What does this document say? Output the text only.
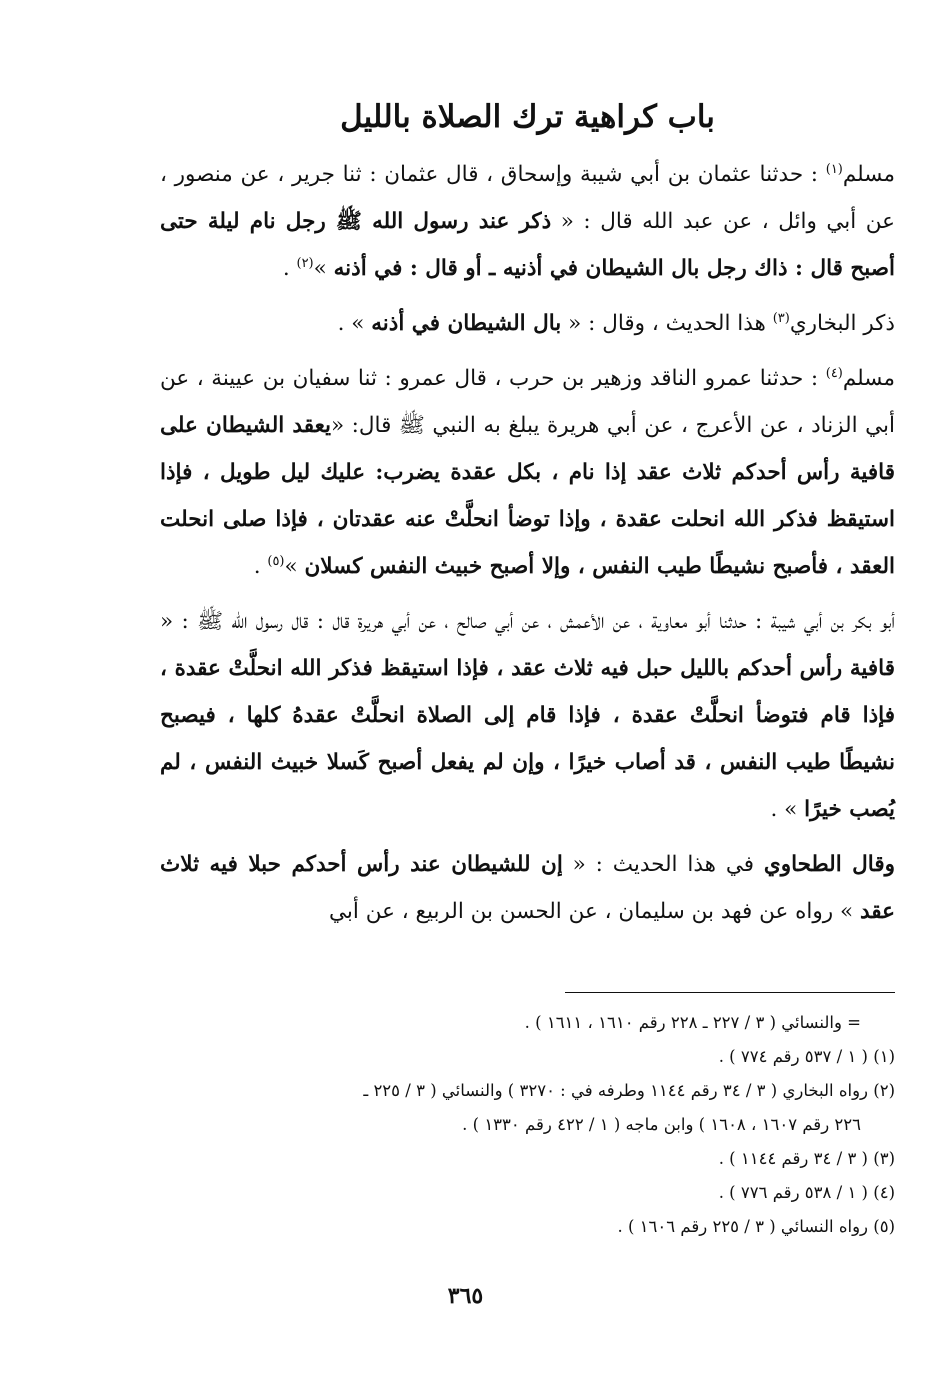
باب كراهية ترك الصلاة بالليل

مسلم$^{(١)}$ : حدثنا عثمان بن أبي شيبة وإسحاق ، قال عثمان : ثنا جرير ، عن منصور ، عن أبي وائل ، عن عبد الله قال : « ذكر عند رسول الله ﷺ رجل نام ليلة حتى أصبح قال : ذاك رجل بال الشيطان في أذنيه ـ أو قال : في أذنه »$^{(٢)}$ .

ذكر البخاري$^{(٣)}$ هذا الحديث ، وقال : « بال الشيطان في أذنه » .

مسلم$^{(٤)}$ : حدثنا عمرو الناقد وزهير بن حرب ، قال عمرو : ثنا سفيان بن عيينة ، عن أبي الزناد ، عن الأعرج ، عن أبي هريرة يبلغ به النبي ﷺ قال: «يعقد الشيطان على قافية رأس أحدكم ثلاث عقد إذا نام ، بكل عقدة يضرب: عليك ليل طويل ، فإذا استيقظ فذكر الله انحلت عقدة ، وإذا توضأ انحلَّتْ عنه عقدتان ، فإذا صلى انحلت العقد ، فأصبح نشيطًا طيب النفس ، وإلا أصبح خبيث النفس كسلان »$^{(٥)}$ .

أبو بكر بن أبي شيبة : حدثنا أبو معاوية ، عن الأعمش ، عن أبي صالح ، عن أبي هريرة قال : قال رسول الله ﷺ : « قافية رأس أحدكم بالليل حبل فيه ثلاث عقد ، فإذا استيقظ فذكر الله انحلَّتْ عقدة ، فإذا قام فتوضأ انحلَّتْ عقدة ، فإذا قام إلى الصلاة انحلَّتْ عقدهُ كلها ، فيصبح نشيطًا طيب النفس ، قد أصاب خيرًا ، وإن لم يفعل أصبح كَسلا خبيث النفس ، لم يُصب خيرًا » .

وقال الطحاوي في هذا الحديث : « إن للشيطان عند رأس أحدكم حبلا فيه ثلاث عقد » رواه عن فهد بن سليمان ، عن الحسن بن الربيع ، عن أبي

= والنسائي ( ٣ / ٢٢٧ ـ ٢٢٨ رقم ١٦١٠ ، ١٦١١ ) .

(١) ( ١ / ٥٣٧ رقم ٧٧٤ ) .

(٢) رواه البخاري ( ٣ / ٣٤ رقم ١١٤٤ وطرفه في : ٣٢٧٠ ) والنسائي ( ٣ / ٢٢٥ ـ
٢٢٦ رقم ١٦٠٧ ، ١٦٠٨ ) وابن ماجه ( ١ / ٤٢٢ رقم ١٣٣٠ ) .

(٣) ( ٣ / ٣٤ رقم ١١٤٤ ) .

(٤) ( ١ / ٥٣٨ رقم ٧٧٦ ) .

(٥) رواه النسائي ( ٣ / ٢٢٥ رقم ١٦٠٦ ) .

٣٦٥
